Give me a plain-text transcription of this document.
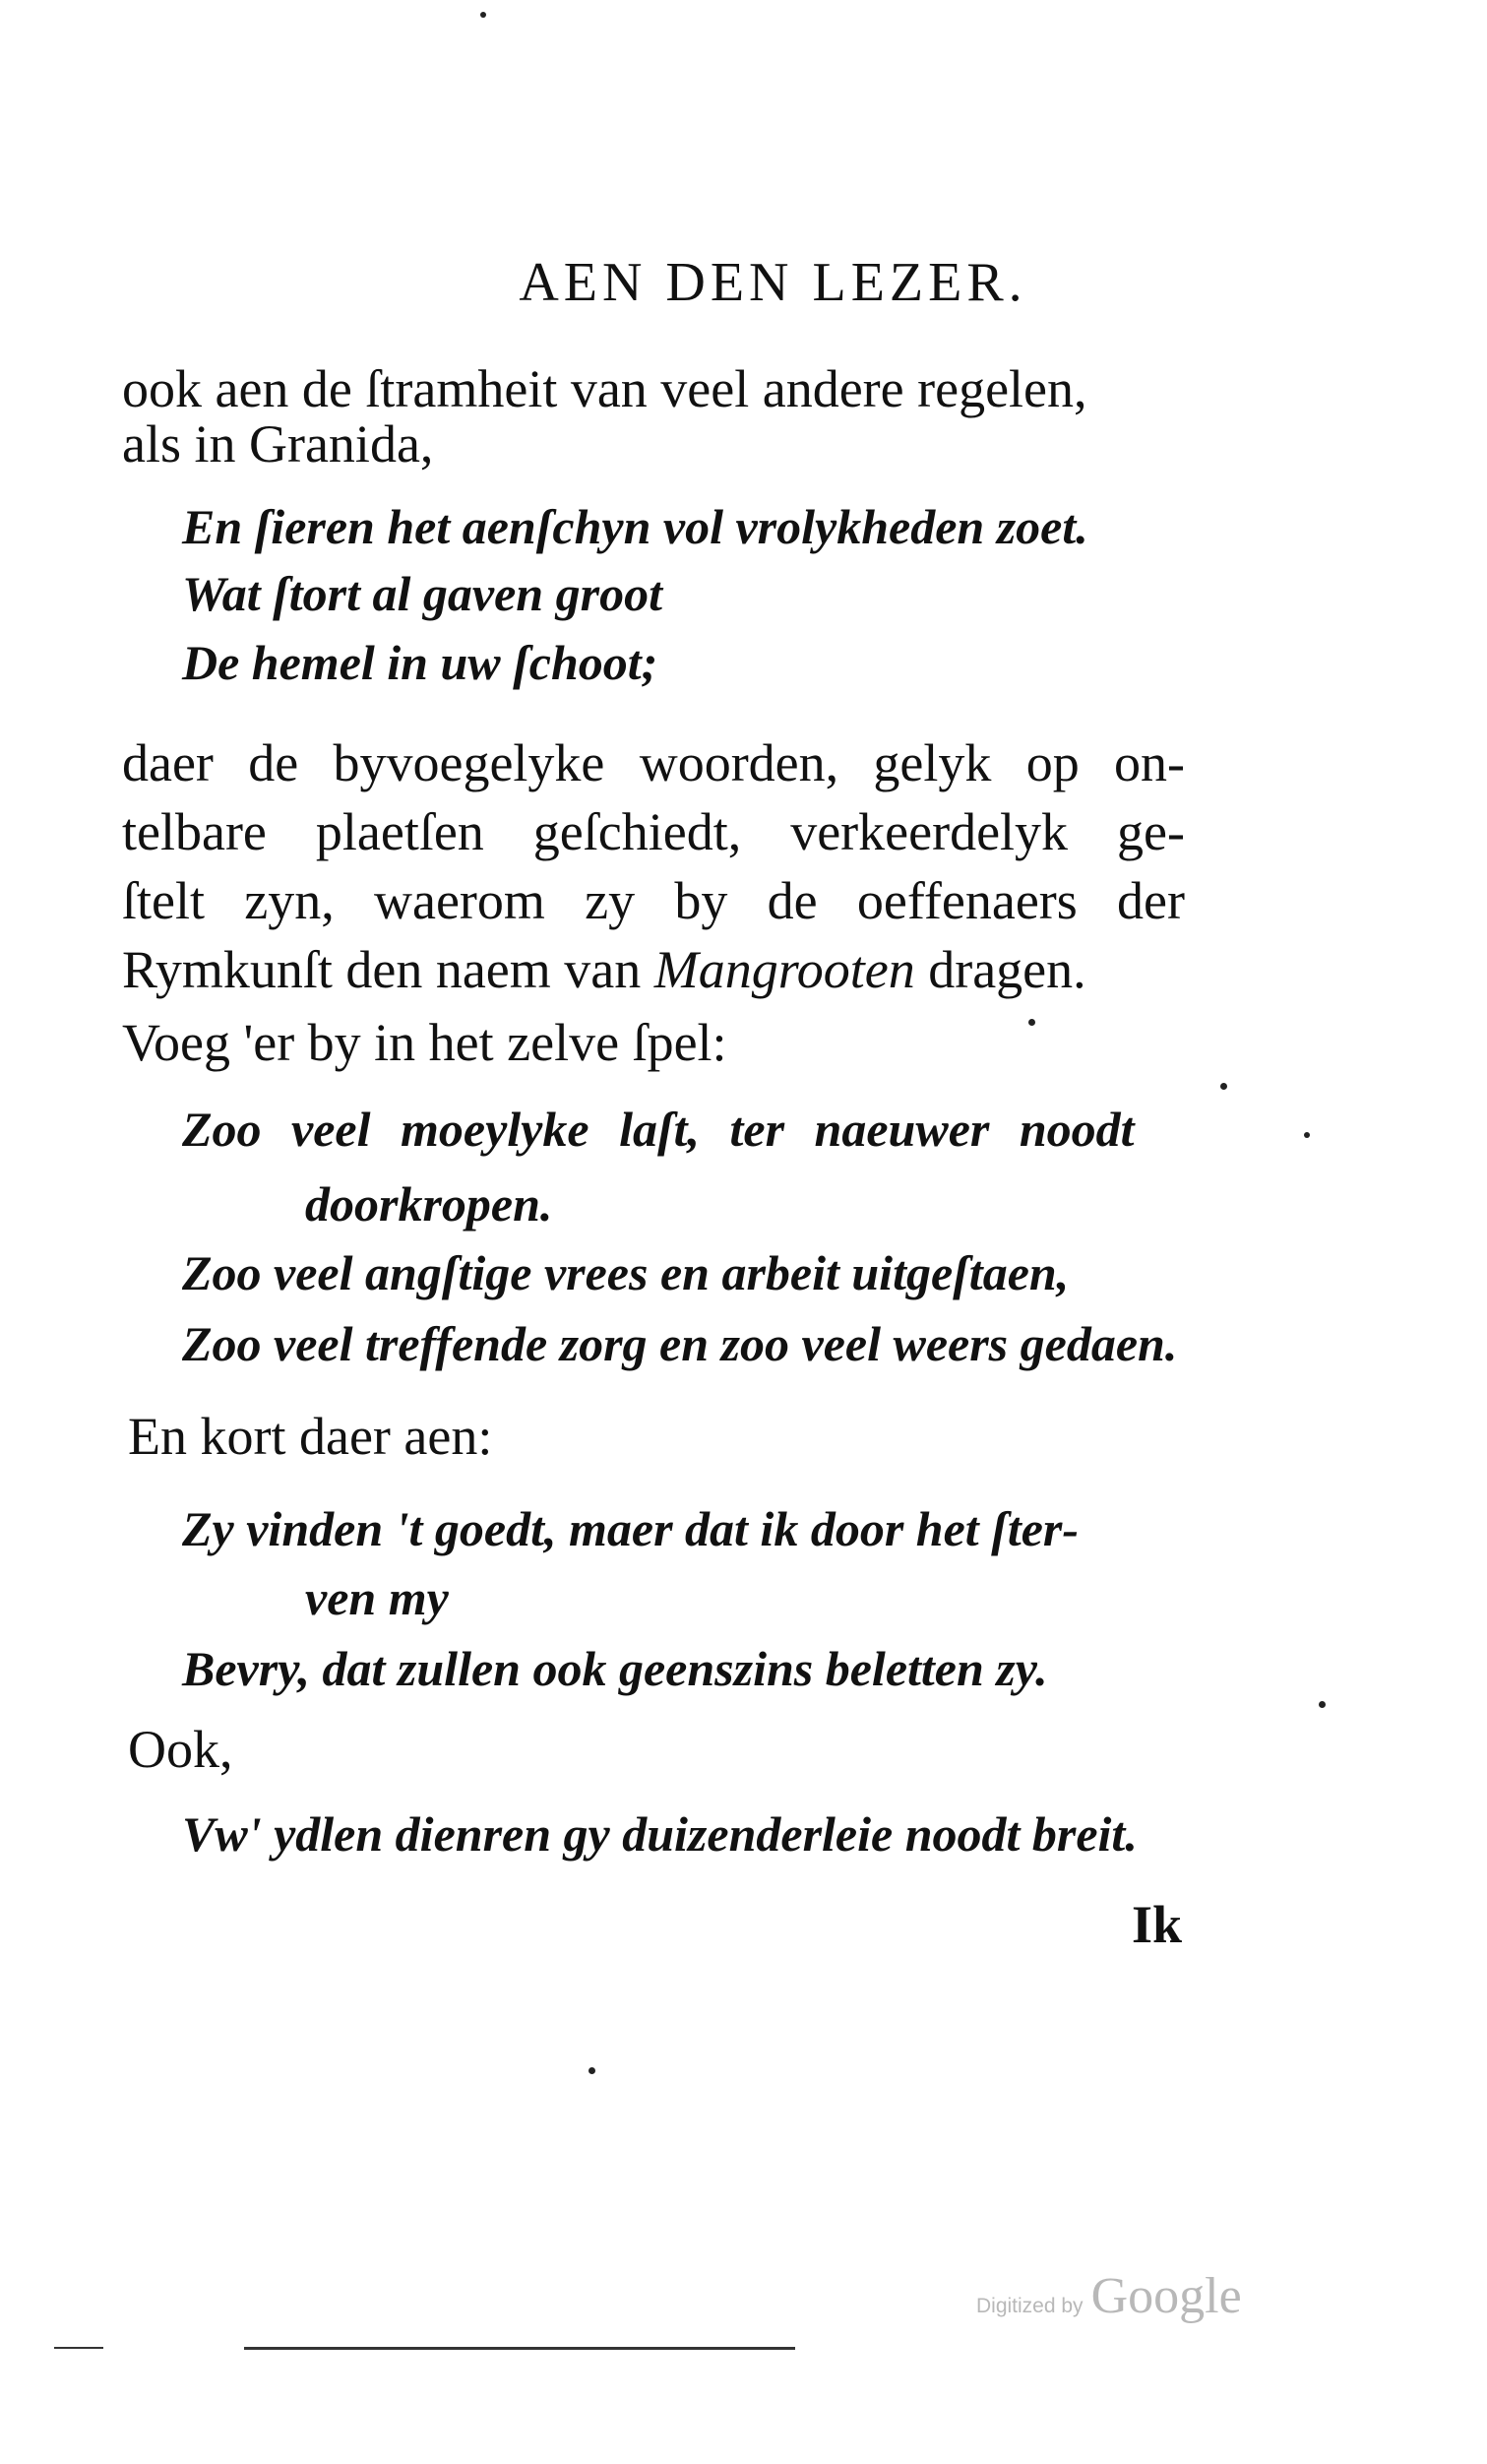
AEN DEN LEZER.
ook aen de ſtramheit van veel andere regelen,
als in Granida,
En ſieren het aenſchyn vol vrolykheden zoet.
Wat ſtort al gaven groot
De hemel in uw ſchoot;
daer de byvoegelyke woorden, gelyk op on-
telbare plaetſen geſchiedt, verkeerdelyk ge-
ſtelt zyn, waerom zy by de oeffenaers der
Rymkunſt den naem van Mangrooten dragen.
Voeg 'er by in het zelve ſpel:
Zoo veel moeylyke laſt, ter naeuwer noodt
doorkropen.
Zoo veel angſtige vrees en arbeit uitgeſtaen,
Zoo veel treffende zorg en zoo veel weers gedaen.
En kort daer aen:
Zy vinden 't goedt, maer dat ik door het ſter-
ven my
Bevry, dat zullen ook geenszins beletten zy.
Ook,
Vw' ydlen dienren gy duizenderleie noodt breit.
Ik
Digitized by Google
